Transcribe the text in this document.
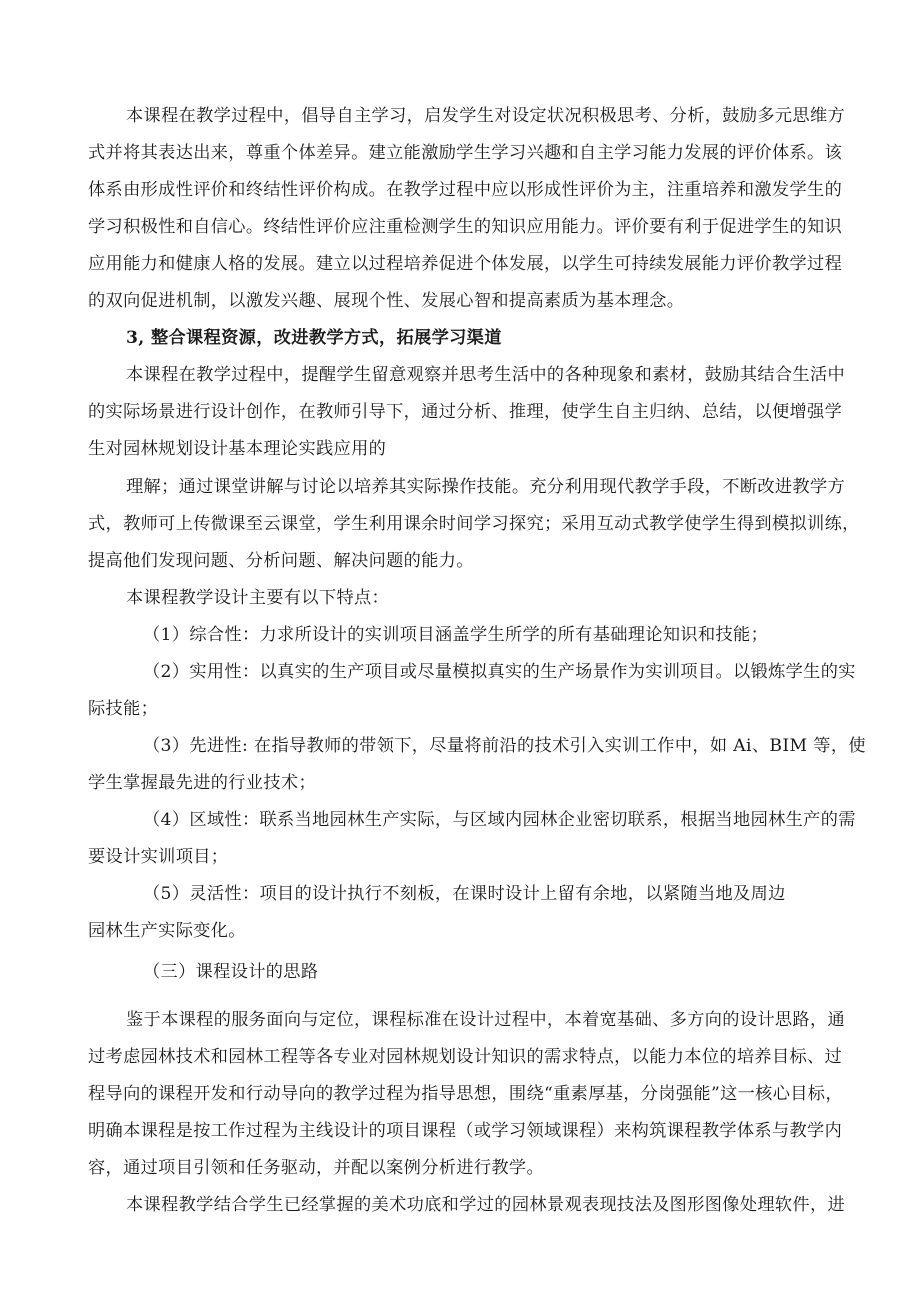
本课程在教学过程中，倡导自主学习，启发学生对设定状况积极思考、分析，鼓励多元思维方
式并将其表达出来，尊重个体差异。建立能激励学生学习兴趣和自主学习能力发展的评价体系。该
体系由形成性评价和终结性评价构成。在教学过程中应以形成性评价为主，注重培养和激发学生的
学习积极性和自信心。终结性评价应注重检测学生的知识应用能力。评价要有利于促进学生的知识
应用能力和健康人格的发展。建立以过程培养促进个体发展，以学生可持续发展能力评价教学过程
的双向促进机制，以激发兴趣、展现个性、发展心智和提高素质为基本理念。
3, 整合课程资源，改进教学方式，拓展学习渠道
本课程在教学过程中，提醒学生留意观察并思考生活中的各种现象和素材，鼓励其结合生活中
的实际场景进行设计创作，在教师引导下，通过分析、推理，使学生自主归纳、总结，以便增强学
生对园林规划设计基本理论实践应用的
理解；通过课堂讲解与讨论以培养其实际操作技能。充分利用现代教学手段，不断改进教学方
式，教师可上传微课至云课堂，学生利用课余时间学习探究；采用互动式教学使学生得到模拟训练，
提高他们发现问题、分析问题、解决问题的能力。
本课程教学设计主要有以下特点：
（1）综合性：力求所设计的实训项目涵盖学生所学的所有基础理论知识和技能；
（2）实用性：以真实的生产项目或尽量模拟真实的生产场景作为实训项目。以锻炼学生的实
际技能；
（3）先进性: 在指导教师的带领下，尽量将前沿的技术引入实训工作中，如 Ai、BIM 等，使
学生掌握最先进的行业技术；
（4）区域性：联系当地园林生产实际，与区域内园林企业密切联系，根据当地园林生产的需
要设计实训项目；
（5）灵活性：项目的设计执行不刻板，在课时设计上留有余地，以紧随当地及周边
园林生产实际变化。
（三）课程设计的思路
鉴于本课程的服务面向与定位，课程标准在设计过程中，本着宽基础、多方向的设计思路，通
过考虑园林技术和园林工程等各专业对园林规划设计知识的需求特点，以能力本位的培养目标、过
程导向的课程开发和行动导向的教学过程为指导思想，围绕“重素厚基，分岗强能”这一核心目标，
明确本课程是按工作过程为主线设计的项目课程（或学习领域课程）来构筑课程教学体系与教学内
容，通过项目引领和任务驱动，并配以案例分析进行教学。
本课程教学结合学生已经掌握的美术功底和学过的园林景观表现技法及图形图像处理软件，进
